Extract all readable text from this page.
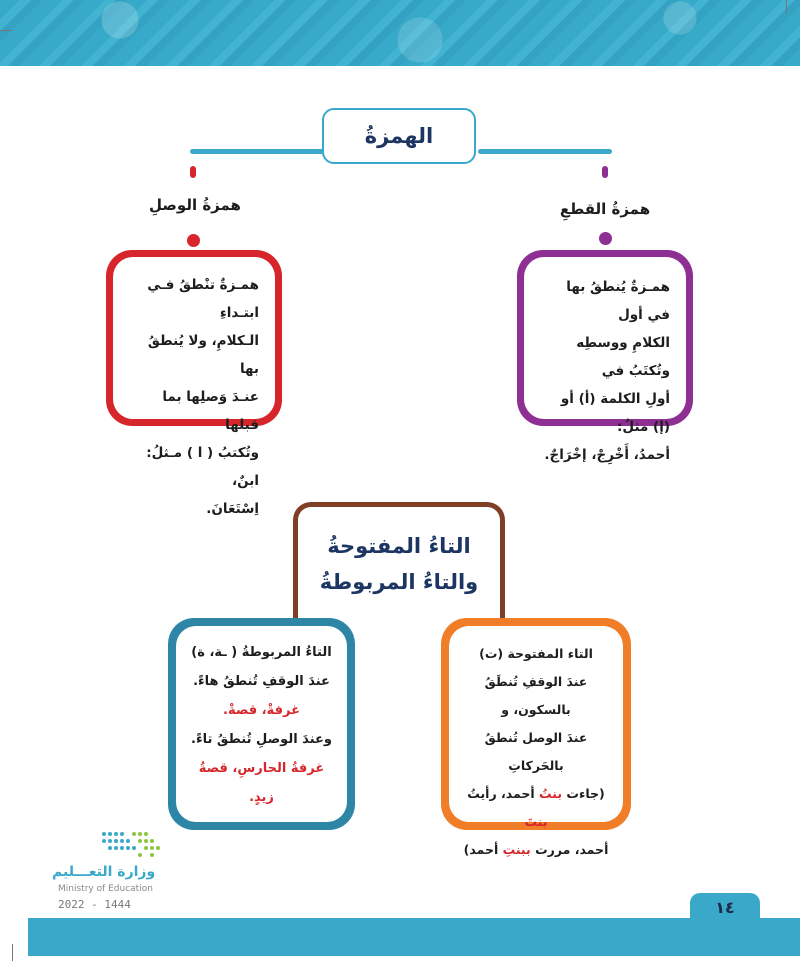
الهمزةُ
همزةُ الوصلِ	همزةُ القطعِ
همـزةٌ تنْطقُ فـي ابتـداءِ
الـكلامِ، ولا يُنطقُ بها
عنـدَ وَصلِها بما قبلها
وتُكتبُ ( ا ) مـثلُ: ابنٌ،
اِسْتَعَانَ.
همـزةٌ يُنطقُ بها في أول
الكلامِ ووسطِه وتُكتَبُ في
أولِ الكلمة (أ) أو (إ) مثلُ:
أحمدُ، أَخْرِجْ، إخْرَاجٌ.
التاءُ المفتوحةُ
والتاءُ المربوطةُ
التاءُ المربوطةُ ( ـة، ة)
عندَ الوقفِ تُنطقُ هاءً.
غرفةْ، قصةْ.
وعندَ الوصلِ تُنطقُ تاءً.
غرفةُ الحارسِ، قصةُ زيدٍ.
التاء المفتوحة (ت)
عندَ الوقفِ تُنطَقُ بالسكون، و
عندَ الوصل تُنطقُ بالحَركاتِ
(جاءت بنتُ أحمد، رأيتُ بنتَ
أحمد، مررت ببنتِ أحمد)
وزارة التعـــليم
Ministry of Education
2022 - 1444	١٤
